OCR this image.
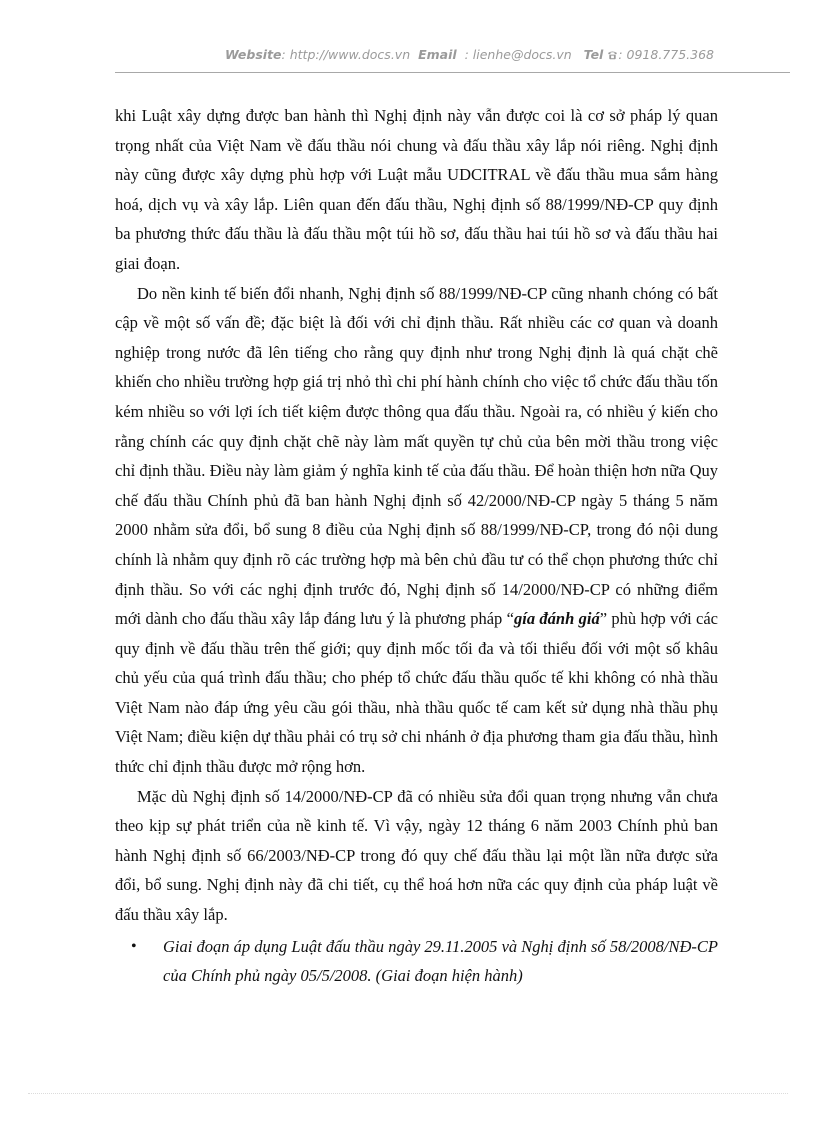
Website: http://www.docs.vn Email : lienhe@docs.vn Tel : 0918.775.368

khi Luật xây dựng được ban hành thì Nghị định này vẫn được coi là cơ sở pháp lý quan trọng nhất của Việt Nam về đấu thầu nói chung và đấu thầu xây lắp nói riêng. Nghị định này cũng được xây dựng phù hợp với Luật mẫu UDCITRAL về đấu thầu mua sắm hàng hoá, dịch vụ và xây lắp. Liên quan đến đấu thầu, Nghị định số 88/1999/NĐ-CP quy định ba phương thức đấu thầu là đấu thầu một túi hồ sơ, đấu thầu hai túi hồ sơ và đấu thầu hai giai đoạn.

Do nền kinh tế biến đổi nhanh, Nghị định số 88/1999/NĐ-CP cũng nhanh chóng có bất cập về một số vấn đề; đặc biệt là đối với chỉ định thầu. Rất nhiều các cơ quan và doanh nghiệp trong nước đã lên tiếng cho rằng quy định như trong Nghị định là quá chặt chẽ khiến cho nhiều trường hợp giá trị nhỏ thì chi phí hành chính cho việc tổ chức đấu thầu tốn kém nhiều so với lợi ích tiết kiệm được thông qua đấu thầu. Ngoài ra, có nhiều ý kiến cho rằng chính các quy định chặt chẽ này làm mất quyền tự chủ của bên mời thầu trong việc chỉ định thầu. Điều này làm giảm ý nghĩa kinh tế của đấu thầu. Để hoàn thiện hơn nữa Quy chế đấu thầu Chính phủ đã ban hành Nghị định số 42/2000/NĐ-CP ngày 5 tháng 5 năm 2000 nhằm sửa đổi, bổ sung 8 điều của Nghị định số 88/1999/NĐ-CP, trong đó nội dung chính là nhằm quy định rõ các trường hợp mà bên chủ đầu tư có thể chọn phương thức chỉ định thầu. So với các nghị định trước đó, Nghị định số 14/2000/NĐ-CP có những điểm mới dành cho đấu thầu xây lắp đáng lưu ý là phương pháp “gía đánh giá” phù hợp với các quy định về đấu thầu trên thế giới; quy định mốc tối đa và tối thiểu đối với một số khâu chủ yếu của quá trình đấu thầu; cho phép tổ chức đấu thầu quốc tế khi không có nhà thầu Việt Nam nào đáp ứng yêu cầu gói thầu, nhà thầu quốc tế cam kết sử dụng nhà thầu phụ Việt Nam; điều kiện dự thầu phải có trụ sở chi nhánh ở địa phương tham gia đấu thầu, hình thức chỉ định thầu được mở rộng hơn.

Mặc dù Nghị định số 14/2000/NĐ-CP đã có nhiều sửa đổi quan trọng nhưng vẫn chưa theo kịp sự phát triển của nề kinh tế. Vì vậy, ngày 12 tháng 6 năm 2003 Chính phủ ban hành Nghị định số 66/2003/NĐ-CP trong đó quy chế đấu thầu lại một lần nữa được sửa đổi, bổ sung. Nghị định này đã chi tiết, cụ thể hoá hơn nữa các quy định của pháp luật về đấu thầu xây lắp.

• Giai đoạn áp dụng Luật đấu thầu ngày 29.11.2005 và Nghị định số 58/2008/NĐ-CP của Chính phủ ngày 05/5/2008. (Giai đoạn hiện hành)
